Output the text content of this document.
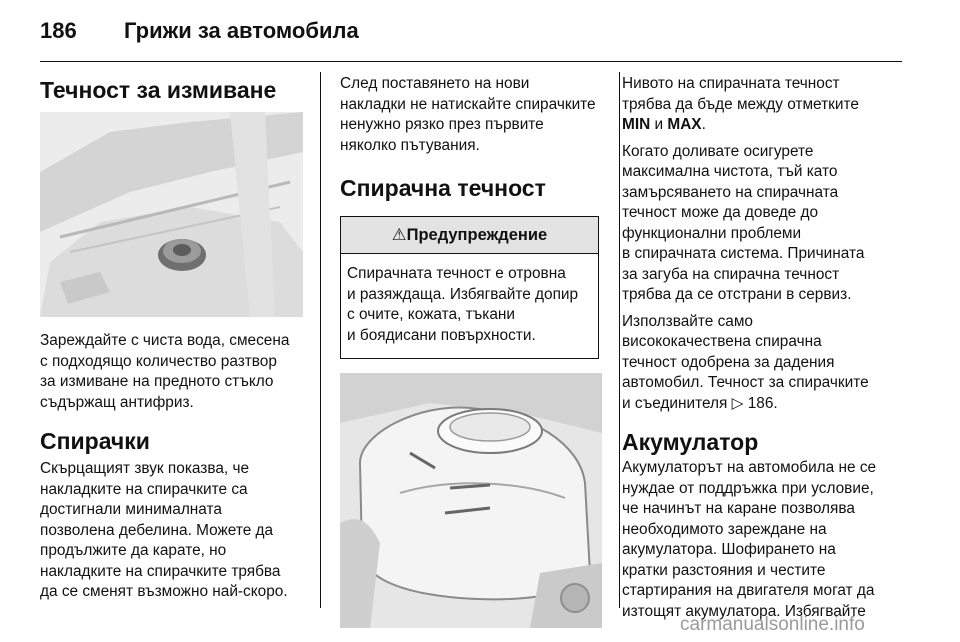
186 Грижи за автомобила
Течност за измиване

Зареждайте с чиста вода, смесена
с подходящо количество разтвор
за измиване на предното стъкло
съдържащ антифриз.

Спирачки

Скърцащият звук показва, че
накладките на спирачките са
достигнали минималната
позволена дебелина. Можете да
продължите да карате, но
накладките на спирачките трябва
да се сменят възможно най-скоро.

След поставянето на нови
накладки не натискайте спирачките
ненужно рязко през първите
няколко пътувания.

Спирачна течност
⚠Предупреждение

Спирачната течност е отровна
и разяждаща. Избягвайте допир
с очите, кожата, тъкани
и боядисани повърхности.

Нивото на спирачната течност
трябва да бъде между отметките
MIN и MAX.

Когато доливате осигурете
максимална чистота, тъй като
замърсяването на спирачната
течност може да доведе до
функционални проблеми
в спирачната система. Причината
за загуба на спирачна течност
трябва да се отстрани в сервиз.

Използвайте само
висококачествена спирачна
течност одобрена за дадения
автомобил. Течност за спирачките
и съединителя ▷ 186.

Акумулатор

Акумулаторът на автомобила не се
нуждае от поддръжка при условие,
че начинът на каране позволява
необходимото зареждане на
акумулатора. Шофирането на
кратки разстояния и честите
стартирания на двигателя могат да
изтощят акумулатора. Избягвайте

carmanualsonline.info
